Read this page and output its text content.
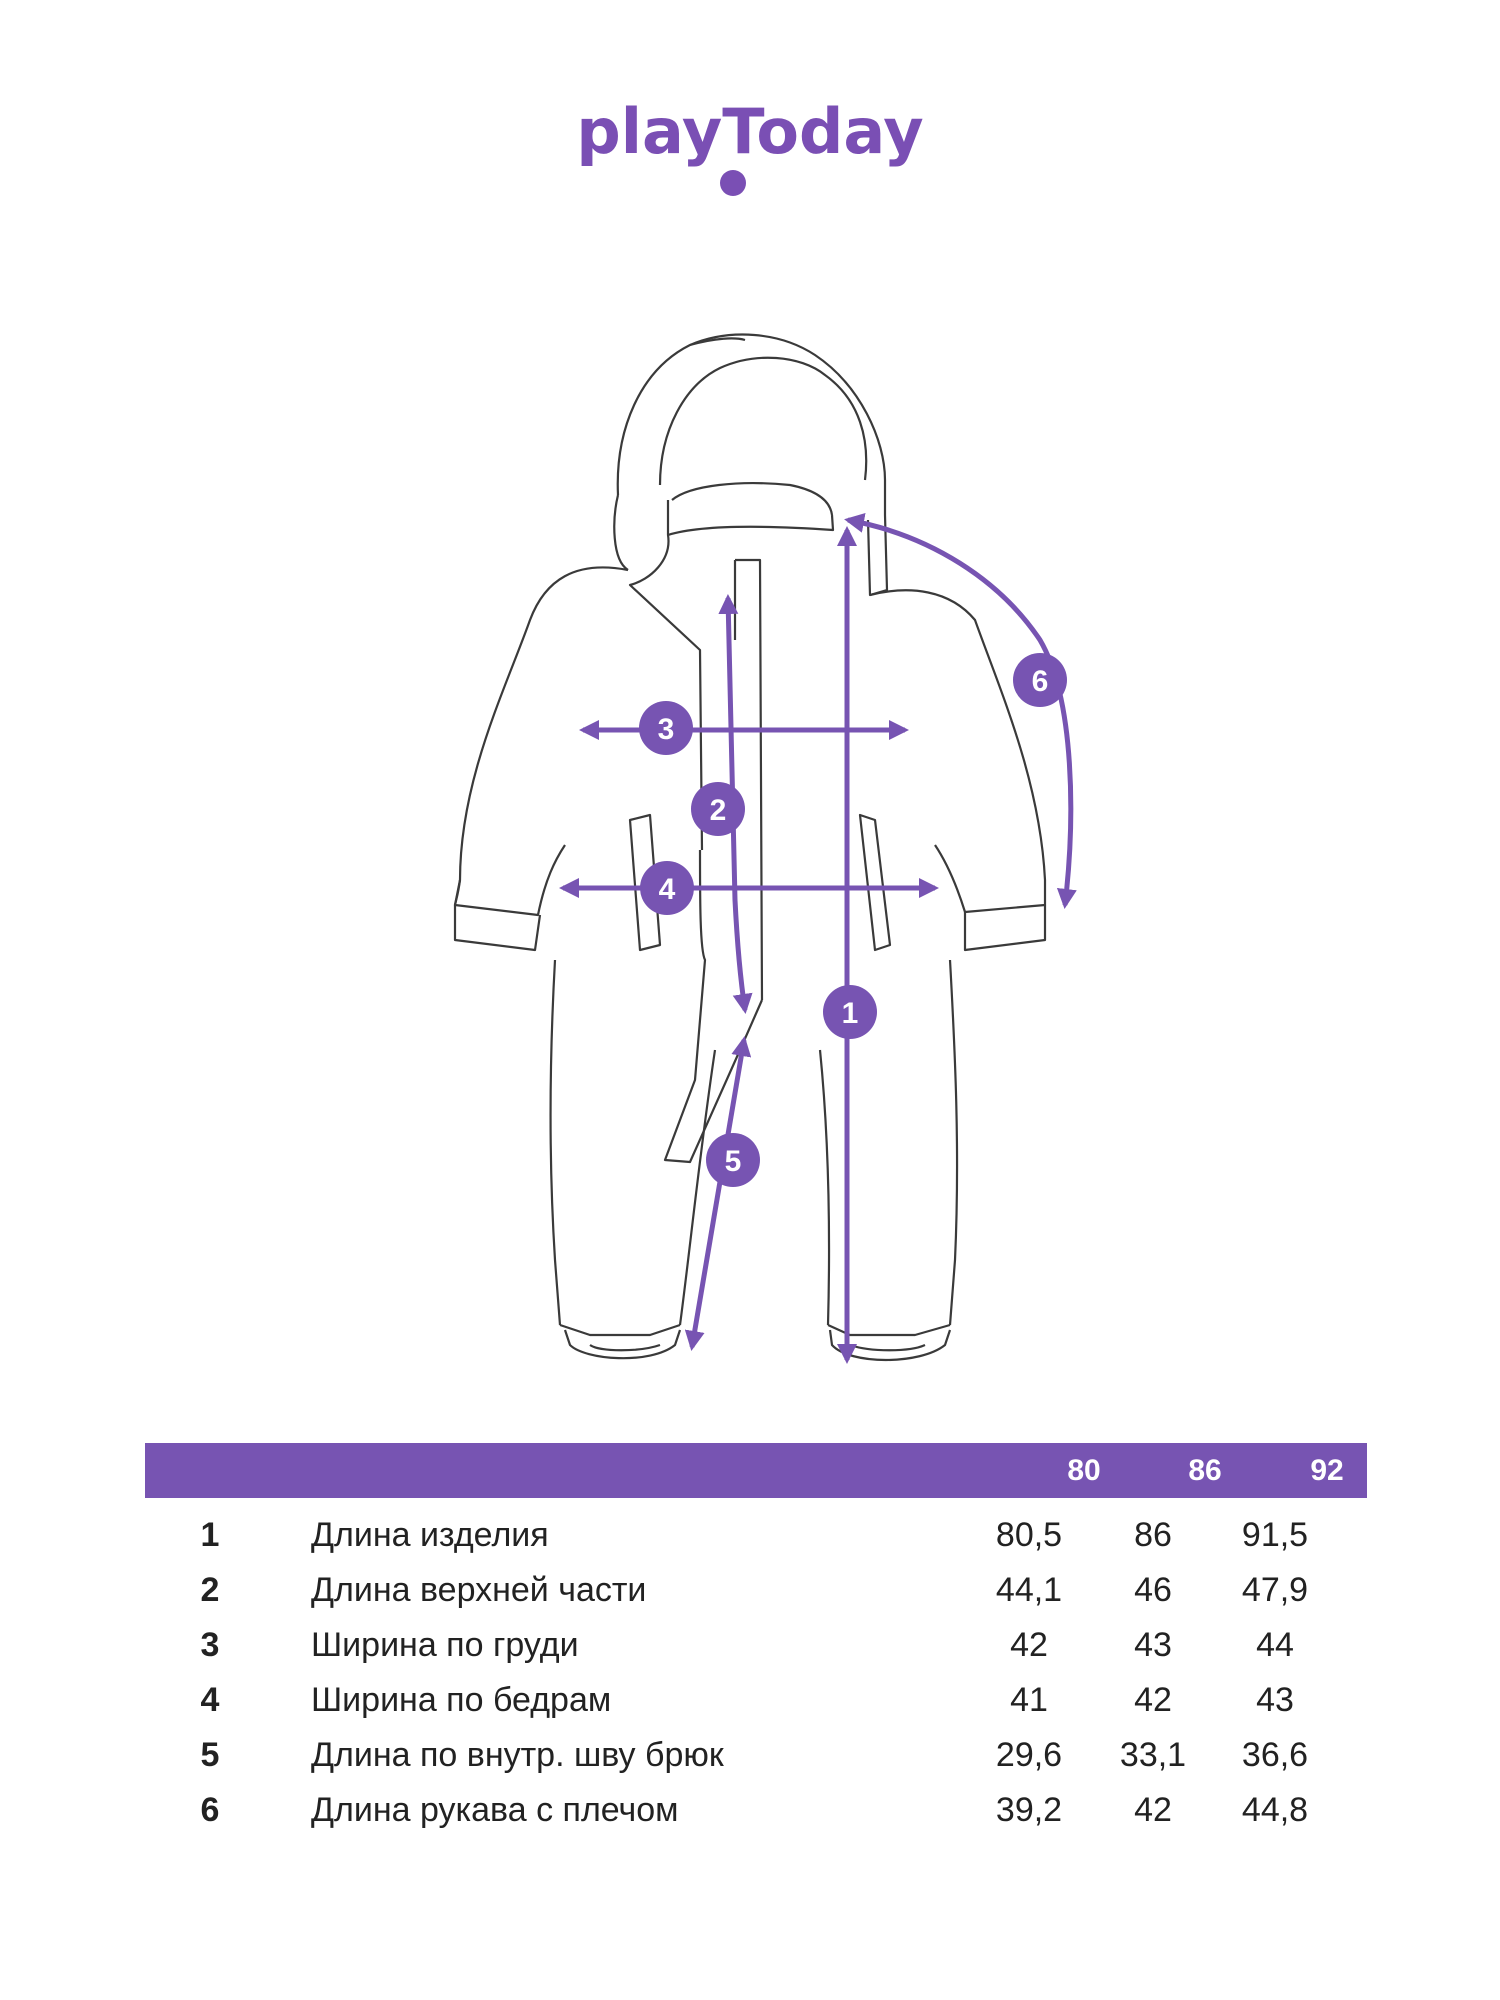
playToday
1
2
3
4
5
6
80	86	92
1	Длина изделия	80,5	86	91,5
2	Длина верхней части	44,1	46	47,9
3	Ширина по груди	42	43	44
4	Ширина по бедрам	41	42	43
5	Длина по внутр. шву брюк	29,6	33,1	36,6
6	Длина рукава с плечом	39,2	42	44,8
